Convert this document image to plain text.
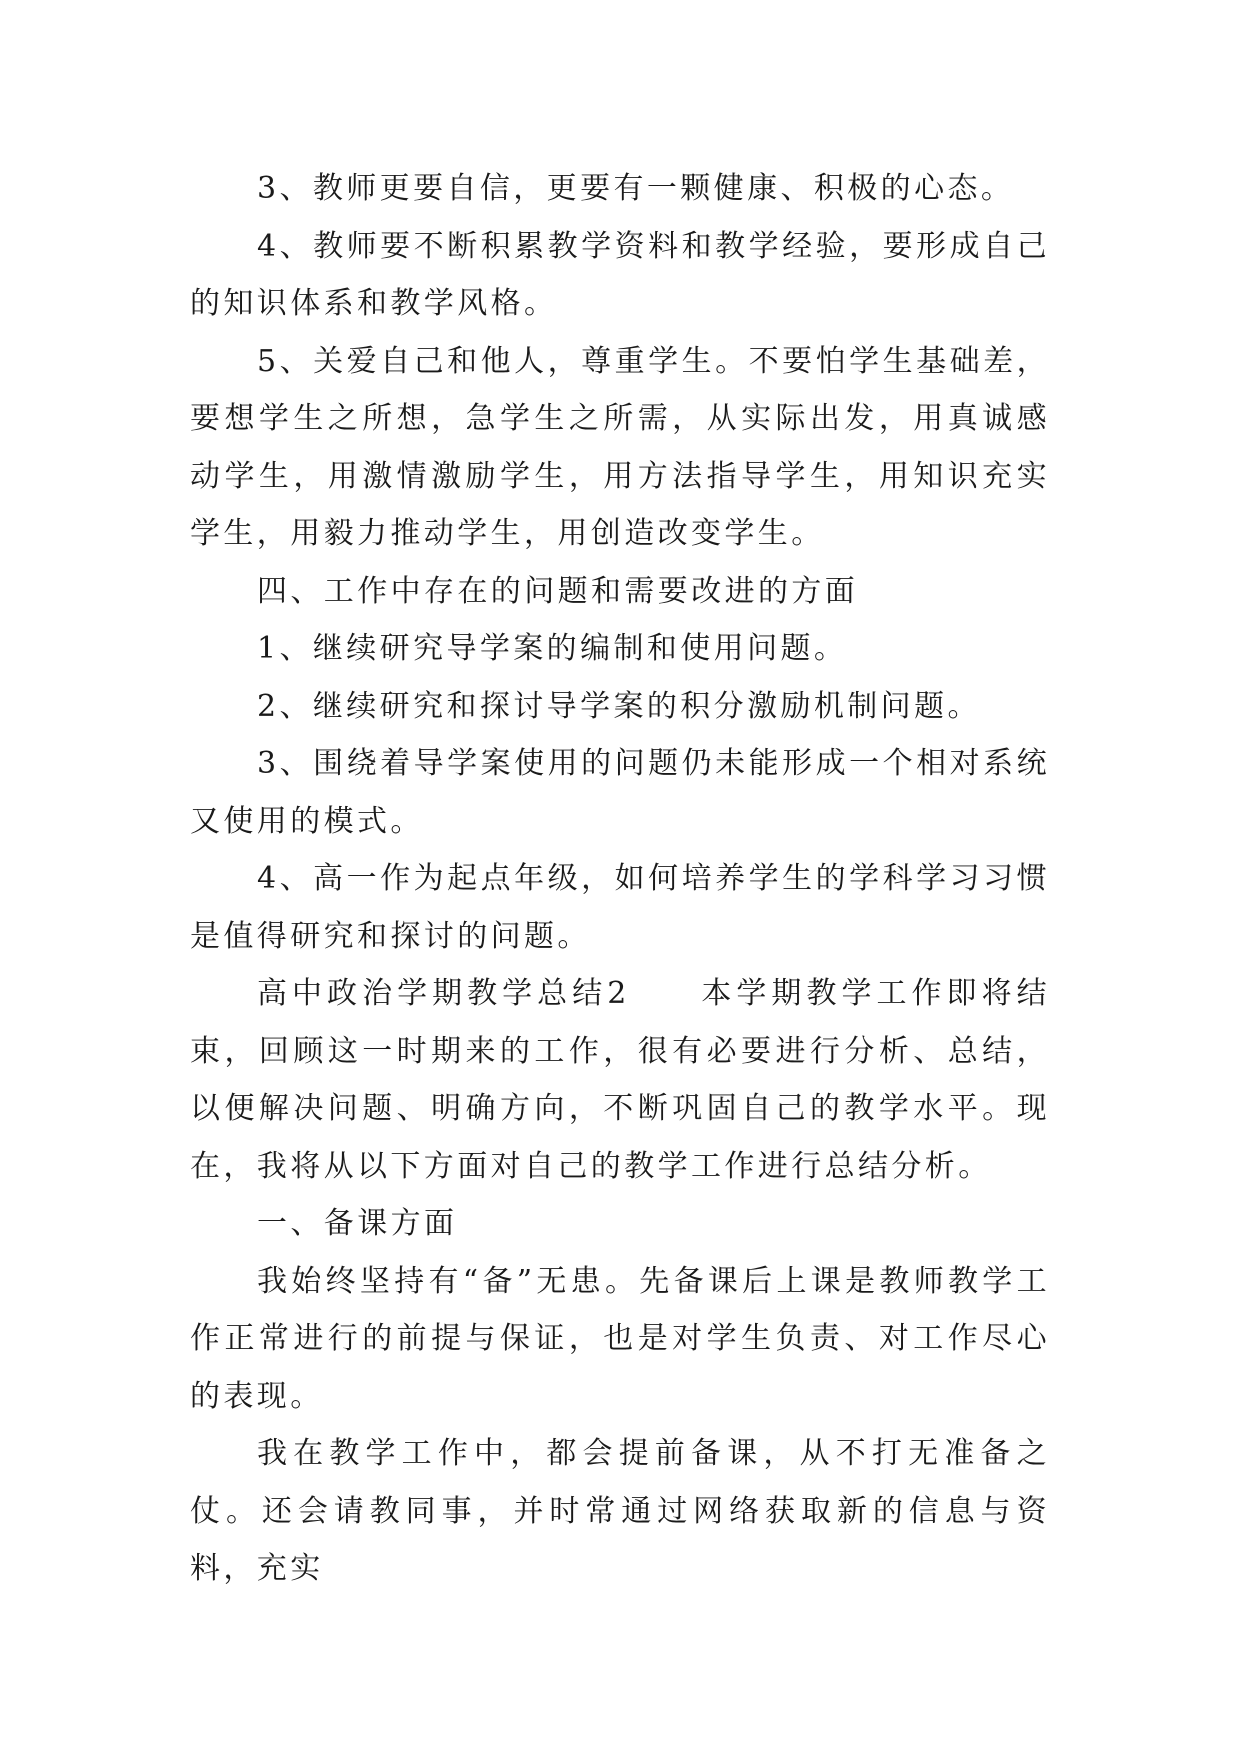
3、教师更要自信，更要有一颗健康、积极的心态。

4、教师要不断积累教学资料和教学经验，要形成自己的知识体系和教学风格。

5、关爱自己和他人，尊重学生。不要怕学生基础差，要想学生之所想，急学生之所需，从实际出发，用真诚感动学生，用激情激励学生，用方法指导学生，用知识充实学生，用毅力推动学生，用创造改变学生。

四、工作中存在的问题和需要改进的方面

1、继续研究导学案的编制和使用问题。

2、继续研究和探讨导学案的积分激励机制问题。

3、围绕着导学案使用的问题仍未能形成一个相对系统又使用的模式。

4、高一作为起点年级，如何培养学生的学科学习习惯是值得研究和探讨的问题。

高中政治学期教学总结2　　本学期教学工作即将结束，回顾这一时期来的工作，很有必要进行分析、总结，以便解决问题、明确方向，不断巩固自己的教学水平。现在，我将从以下方面对自己的教学工作进行总结分析。

一、备课方面

我始终坚持有“备”无患。先备课后上课是教师教学工作正常进行的前提与保证，也是对学生负责、对工作尽心的表现。

我在教学工作中，都会提前备课，从不打无准备之仗。还会请教同事，并时常通过网络获取新的信息与资料，充实
